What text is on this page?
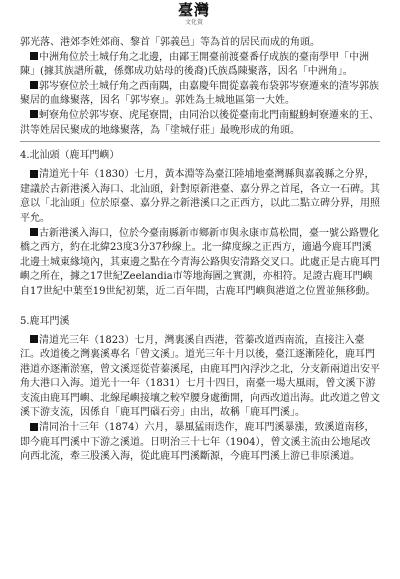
臺灣
文化資

郭光落、港郊李姓郊商、黎首「郭義邑」等為首的居民而成的角頭。

中洲角位於土城仔角之北邊，由鄙王開臺前渡臺番仔成族的臺南學甲「中洲陳」(據其族譜所載，係鄭成功姑母的後裔)氏族爲陳聚落，因名「中洲角」。

郭岑寮位於土城仔角之西南隅，由嘉慶年間從嘉義布袋郭岑寮遷來的渣岑郭族聚居的血緣聚落，因名「郭岑寮」。郭姓為土城地區第一大姓。

蚵寮角位於郭岑寮、虎尾寮間，由同治以後從臺南北門南鯤鯓蚵寮遷來的王、洪等姓居民聚成的地緣聚落，為「塗城仔莊」最晚形成的角頭。

4.北汕頭（鹿耳門嶼）

清道光十年（1830）七月，黃本淵等為臺江陸埔地臺灣縣與嘉義縣之分界，建議於古新港溪入海口、北汕頭，針對原新港臺、嘉分界之首尾，各立一石碑。其意以「北汕頭」位於原臺、嘉分界之新港溪口之正西方，以此二點立碑分界，用照平允。

古新港溪入海口，位於今臺南縣新市鄉新市與永康市蔦松間，臺一號公路豐化橋之西方，約在北緯23度3分37秒線上。北一緯度線之正西方，適過今鹿耳門溪北邊土城東緣境內，其東邊之點在今青海公路與安清路交叉口。此處正是古鹿耳門嶼之所在，據之17世紀Zeelandia市等地海圖之實測，亦相符。足證古鹿耳門嶼自17世紀中葉至19世紀初葉，近二百年間，古鹿耳門嶼與港道之位置並無移動。

5.鹿耳門溪

清道光三年（1823）七月，灣裏溪自西港，菅蓁改道西南流，直接注入臺江。改道後之灣裏溪專名「曾文溪」。道光三年十月以後，臺江逐漸陸化，鹿耳門港道亦逐漸淤塞，曾文溪逕從菅蓁溪尾，由鹿耳門內浮沙之北，分支新兩道出安平角大港口入海。道光十一年（1831）七月十四日，南臺一場大風雨，曾文溪下游支流由鹿耳門嶼、北線尾嶼接壤之較窄腰身處衝開，向西改道出海。此改道之曾文溪下游支流，因係自「鹿耳門碯石旁」由出，故稱「鹿耳門溪」。

清同治十三年（1874）六月，暴風猛雨迭作，鹿耳門溪暴漲，致溪道南移，即今鹿耳門溪中下游之溪道。日明治三十七年（1904），曾文溪主流由公地尾改向西北流，牽三股溪入海，從此鹿耳門溪斷源，今鹿耳門溪上游已非原溪道。
